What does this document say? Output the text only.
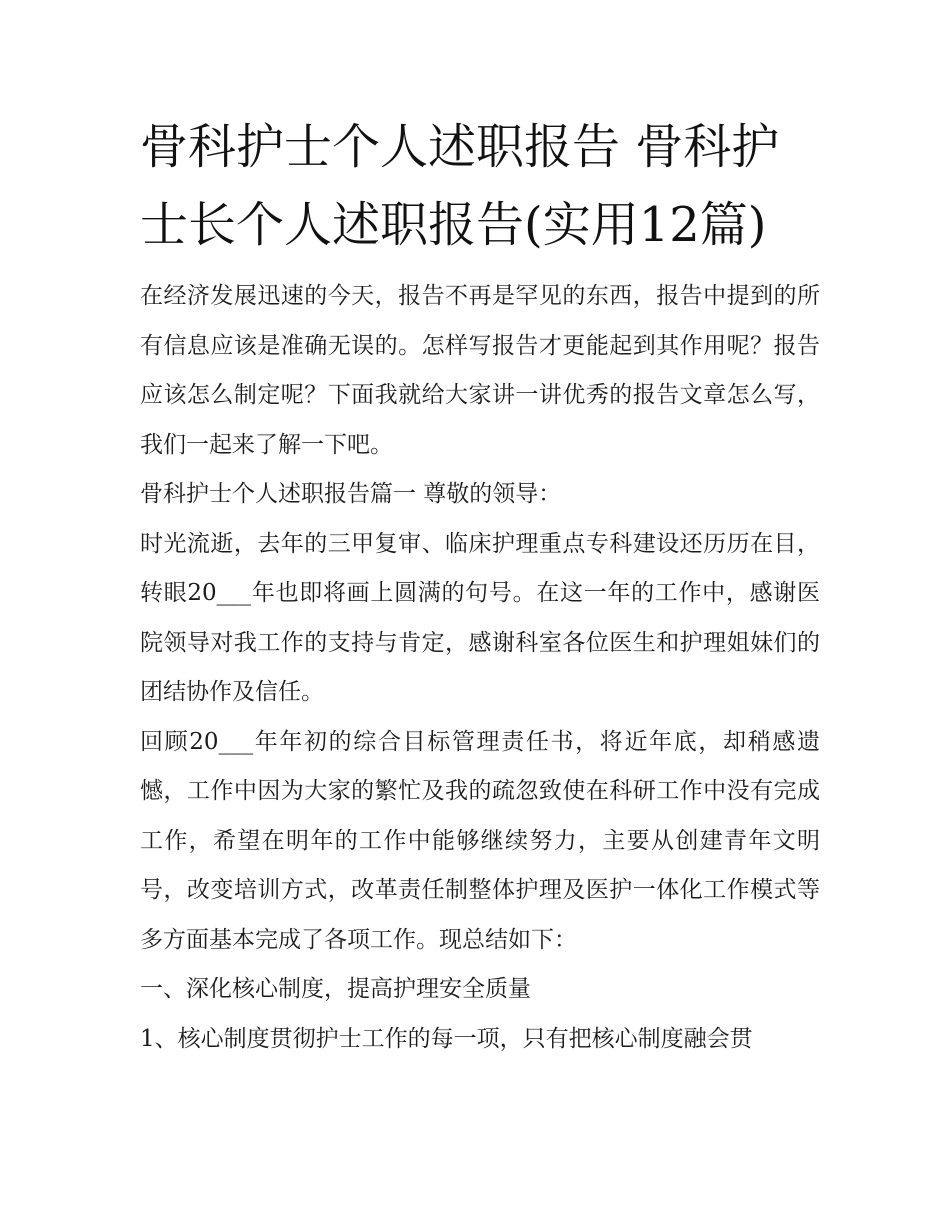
骨科护士个人述职报告 骨科护士长个人述职报告(实用12篇)

在经济发展迅速的今天，报告不再是罕见的东西，报告中提到的所有信息应该是准确无误的。怎样写报告才更能起到其作用呢？报告应该怎么制定呢？下面我就给大家讲一讲优秀的报告文章怎么写，我们一起来了解一下吧。

骨科护士个人述职报告篇一 尊敬的领导：

时光流逝，去年的三甲复审、临床护理重点专科建设还历历在目，转眼20___年也即将画上圆满的句号。在这一年的工作中，感谢医院领导对我工作的支持与肯定，感谢科室各位医生和护理姐妹们的团结协作及信任。

回顾20___年年初的综合目标管理责任书，将近年底，却稍感遗憾，工作中因为大家的繁忙及我的疏忽致使在科研工作中没有完成工作，希望在明年的工作中能够继续努力，主要从创建青年文明号，改变培训方式，改革责任制整体护理及医护一体化工作模式等多方面基本完成了各项工作。现总结如下：

一、深化核心制度，提高护理安全质量

1、核心制度贯彻护士工作的每一项，只有把核心制度融会贯
